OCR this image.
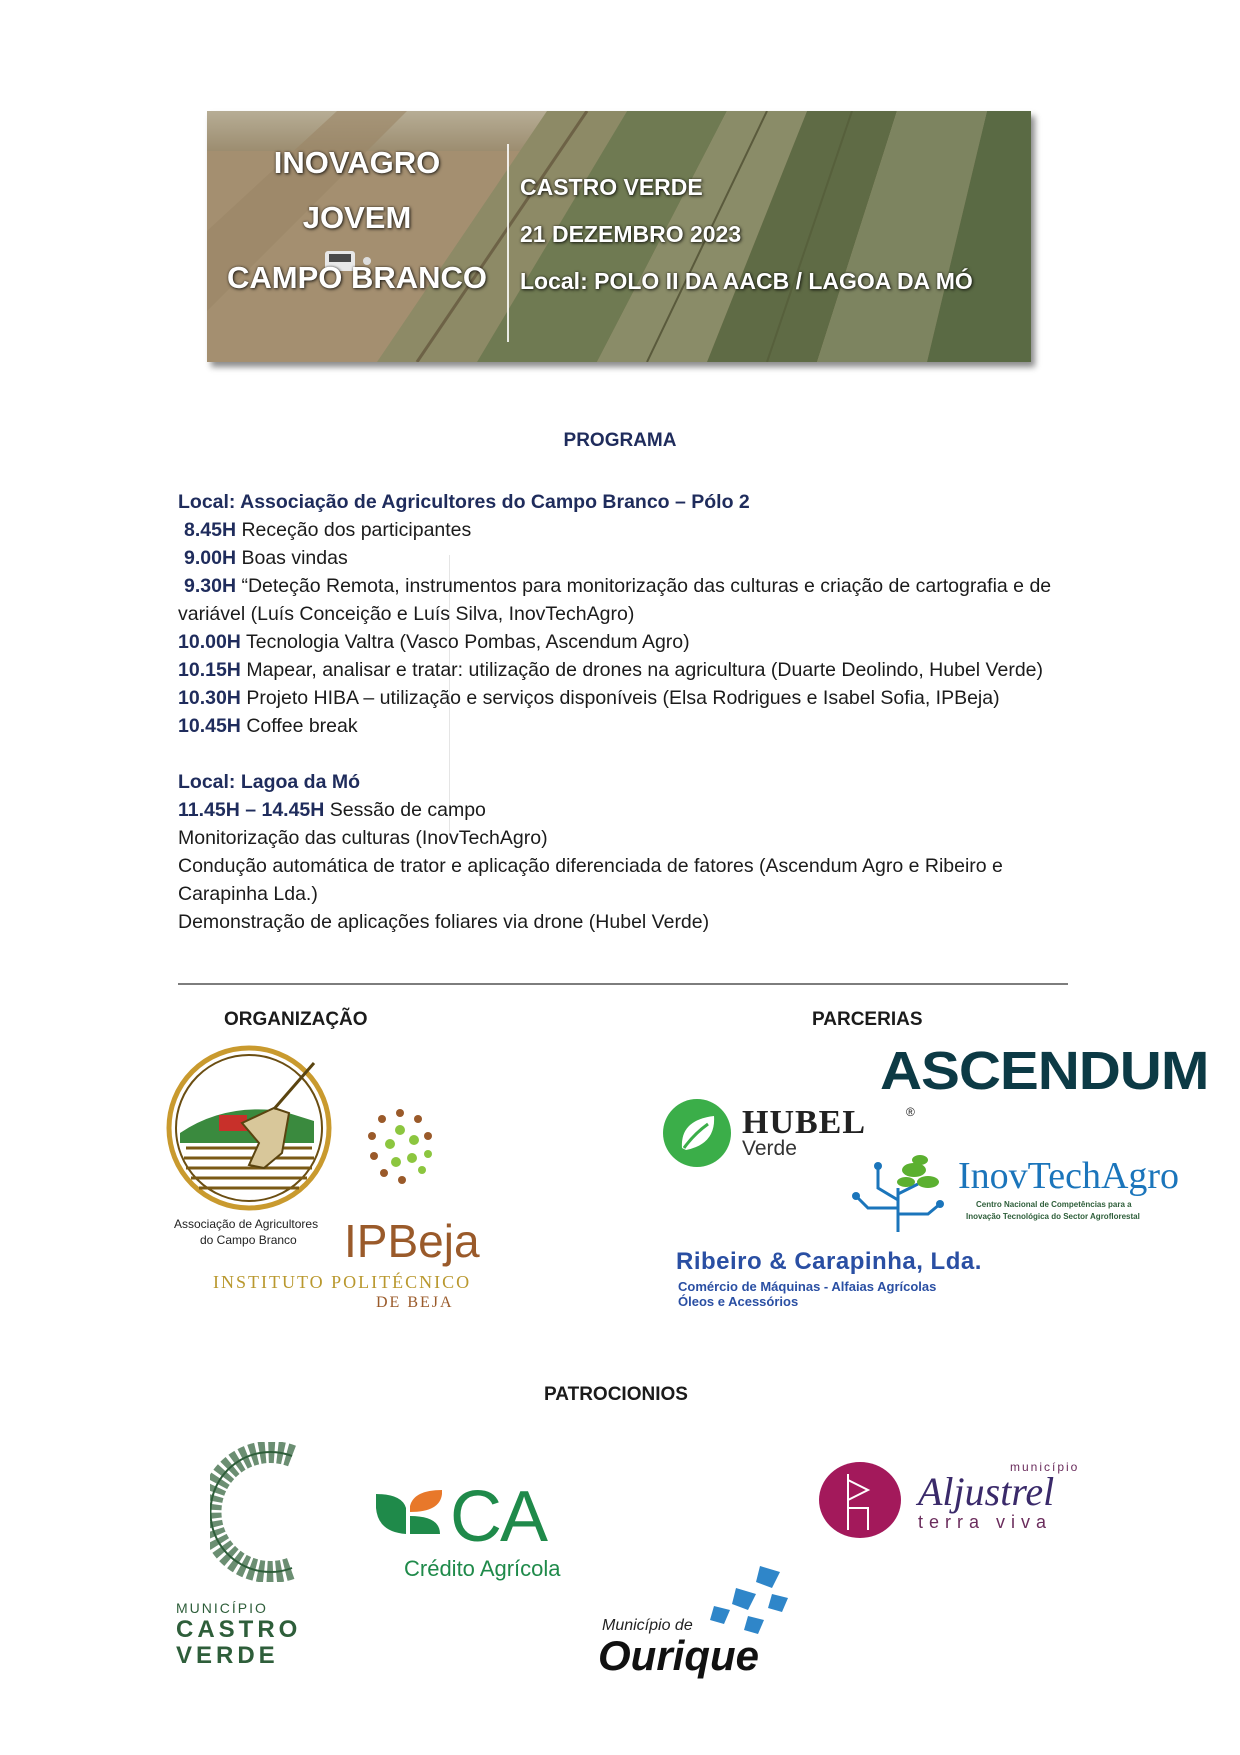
INOVAGRO
JOVEM
CAMPO BRANCO
CASTRO VERDE
21 DEZEMBRO 2023
Local: POLO II DA AACB / LAGOA DA MÓ
PROGRAMA
Local: Associação de Agricultores do Campo Branco – Pólo 2
8.45H Receção dos participantes
9.00H Boas vindas
9.30H “Deteção Remota, instrumentos para monitorização das culturas e criação de cartografia e de variável (Luís Conceição e Luís Silva, InovTechAgro)
10.00H Tecnologia Valtra (Vasco Pombas, Ascendum Agro)
10.15H Mapear, analisar e tratar: utilização de drones na agricultura (Duarte Deolindo, Hubel Verde)
10.30H Projeto HIBA – utilização e serviços disponíveis (Elsa Rodrigues e Isabel Sofia, IPBeja)
10.45H Coffee break
Local: Lagoa da Mó
11.45H – 14.45H Sessão de campo
Monitorização das culturas (InovTechAgro)
Condução automática de trator e aplicação diferenciada de fatores (Ascendum Agro e Ribeiro e Carapinha Lda.)
Demonstração de aplicações foliares via drone (Hubel Verde)
ORGANIZAÇÃO
Associação de Agricultores
do Campo Branco IPBeja
INSTITUTO POLITÉCNICO
DE BEJA
PARCERIAS
ASCENDUM
HUBEL	®
Verde
InovTechAgro
Centro Nacional de Competências para a
Inovação Tecnológica do Sector Agroflorestal
Ribeiro & Carapinha, Lda.
Comércio de Máquinas - Alfaias Agrícolas
Óleos e Acessórios
PATROCIONIOS
MUNICÍPIO
CASTRO
VERDE
CA
Crédito Agrícola
Município de
Ourique
município
Aljustrel
terra viva
